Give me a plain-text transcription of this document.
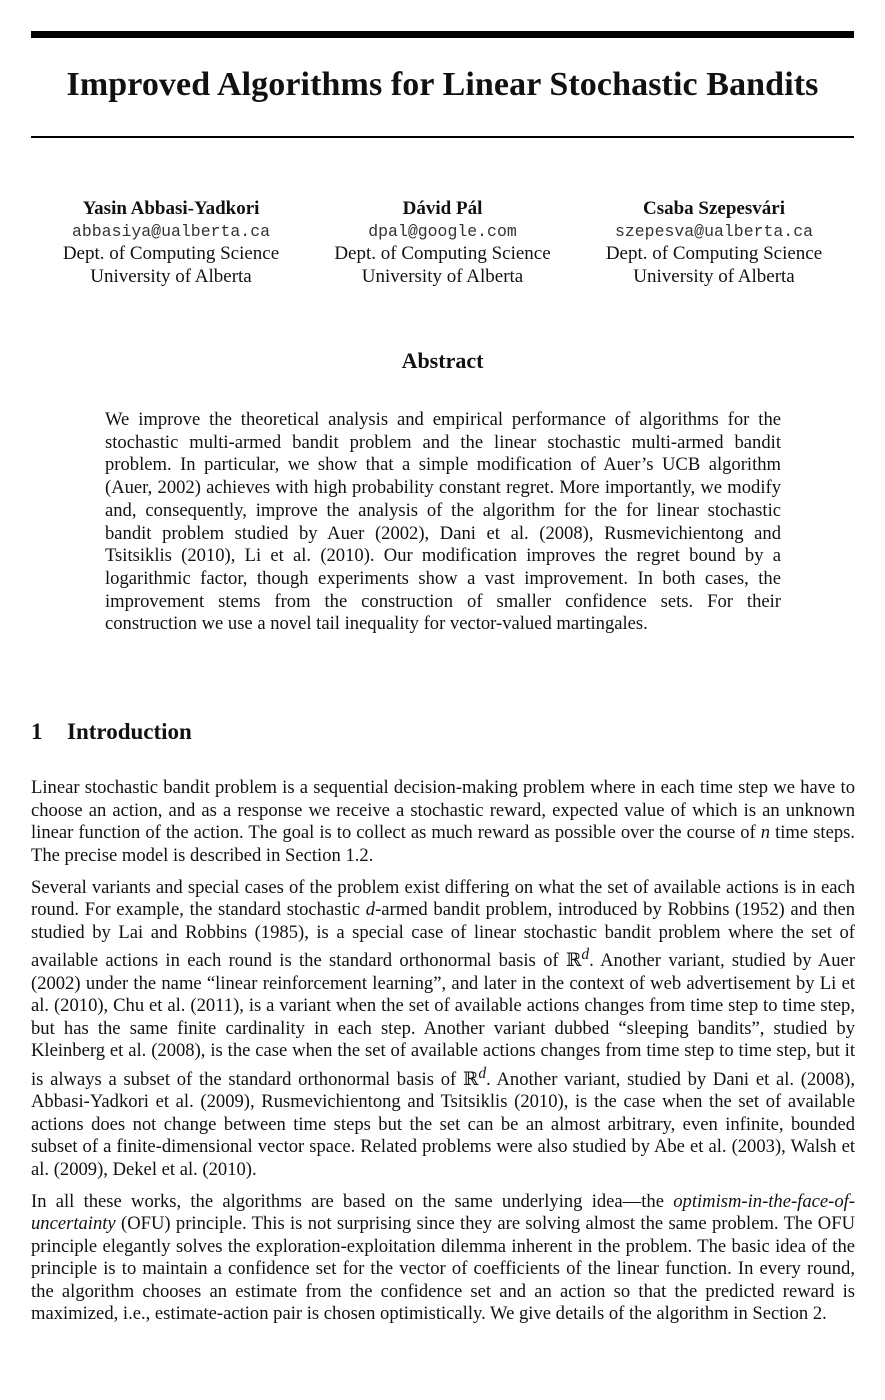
Improved Algorithms for Linear Stochastic Bandits
Yasin Abbasi-Yadkori
abbasiya@ualberta.ca
Dept. of Computing Science
University of Alberta
Dávid Pál
dpal@google.com
Dept. of Computing Science
University of Alberta
Csaba Szepesvári
szepesva@ualberta.ca
Dept. of Computing Science
University of Alberta
Abstract

We improve the theoretical analysis and empirical performance of algorithms for the stochastic multi-armed bandit problem and the linear stochastic multi-armed bandit problem. In particular, we show that a simple modification of Auer’s UCB algorithm (Auer, 2002) achieves with high probability constant regret. More importantly, we modify and, consequently, improve the analysis of the algorithm for the for linear stochastic bandit problem studied by Auer (2002), Dani et al. (2008), Rusmevichientong and Tsitsiklis (2010), Li et al. (2010). Our modification improves the regret bound by a logarithmic factor, though experiments show a vast improvement. In both cases, the improvement stems from the construction of smaller confidence sets. For their construction we use a novel tail inequality for vector-valued martingales.

1 Introduction

Linear stochastic bandit problem is a sequential decision-making problem where in each time step we have to choose an action, and as a response we receive a stochastic reward, expected value of which is an unknown linear function of the action. The goal is to collect as much reward as possible over the course of n time steps. The precise model is described in Section 1.2.

Several variants and special cases of the problem exist differing on what the set of available actions is in each round. For example, the standard stochastic d-armed bandit problem, introduced by Robbins (1952) and then studied by Lai and Robbins (1985), is a special case of linear stochastic bandit problem where the set of available actions in each round is the standard orthonormal basis of ℝ$^d$. Another variant, studied by Auer (2002) under the name “linear reinforcement learning”, and later in the context of web advertisement by Li et al. (2010), Chu et al. (2011), is a variant when the set of available actions changes from time step to time step, but has the same finite cardinality in each step. Another variant dubbed “sleeping bandits”, studied by Kleinberg et al. (2008), is the case when the set of available actions changes from time step to time step, but it is always a subset of the standard orthonormal basis of ℝ$^d$. Another variant, studied by Dani et al. (2008), Abbasi-Yadkori et al. (2009), Rusmevichientong and Tsitsiklis (2010), is the case when the set of available actions does not change between time steps but the set can be an almost arbitrary, even infinite, bounded subset of a finite-dimensional vector space. Related problems were also studied by Abe et al. (2003), Walsh et al. (2009), Dekel et al. (2010).

In all these works, the algorithms are based on the same underlying idea—the optimism-in-the-face-of-uncertainty (OFU) principle. This is not surprising since they are solving almost the same problem. The OFU principle elegantly solves the exploration-exploitation dilemma inherent in the problem. The basic idea of the principle is to maintain a confidence set for the vector of coefficients of the linear function. In every round, the algorithm chooses an estimate from the confidence set and an action so that the predicted reward is maximized, i.e., estimate-action pair is chosen optimistically. We give details of the algorithm in Section 2.
